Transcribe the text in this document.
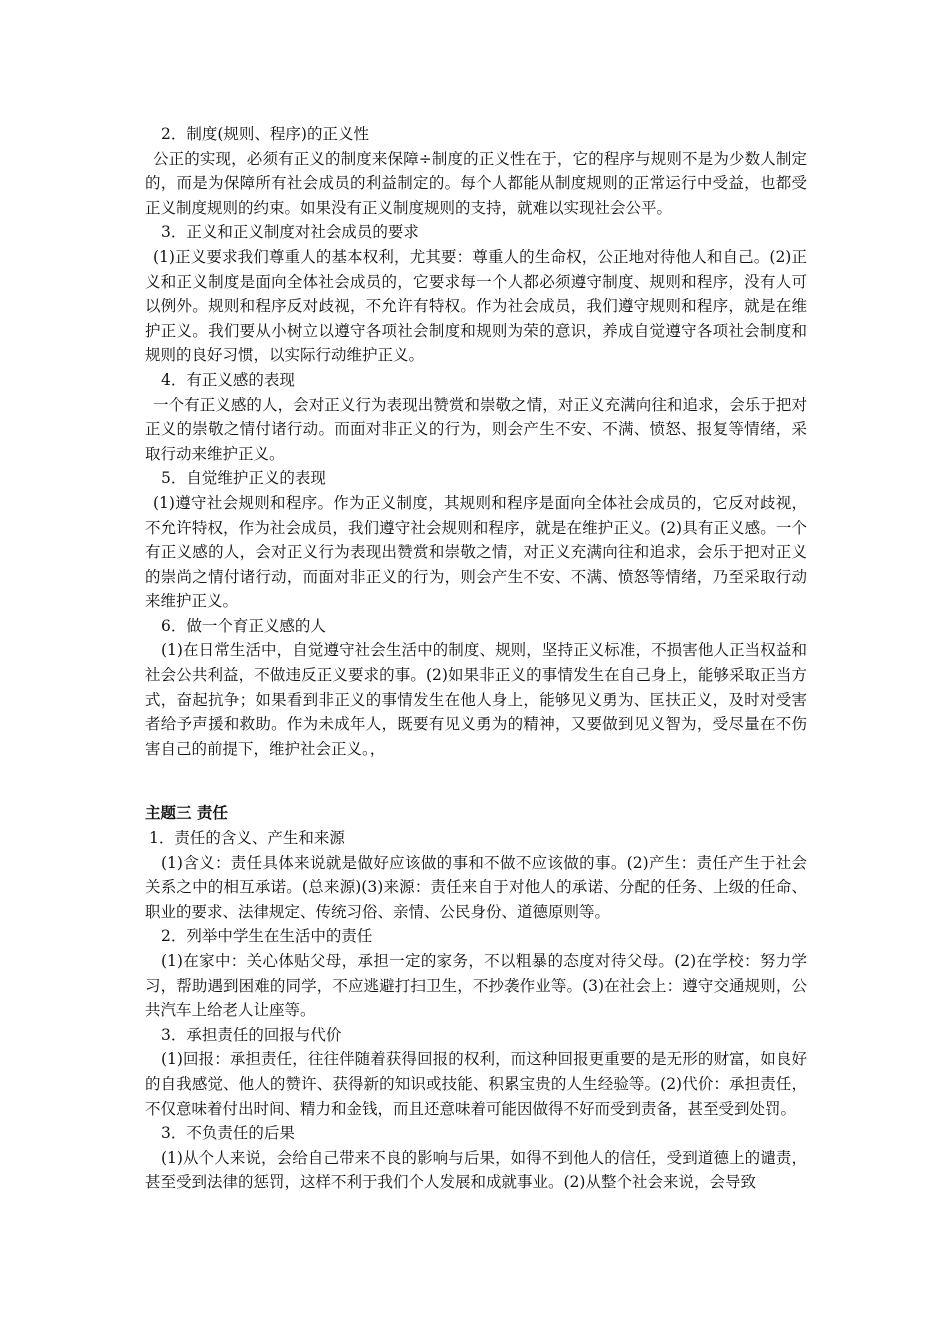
2．制度(规则、程序)的正义性

公正的实现，必须有正义的制度来保障÷制度的正义性在于，它的程序与规则不是为少数人制定的，而是为保障所有社会成员的利益制定的。每个人都能从制度规则的正常运行中受益，也都受正义制度规则的约束。如果没有正义制度规则的支持，就难以实现社会公平。

3．正义和正义制度对社会成员的要求

(1)正义要求我们尊重人的基本权利，尤其要：尊重人的生命权，公正地对待他人和自己。(2)正义和正义制度是面向全体社会成员的，它要求每一个人都必须遵守制度、规则和程序，没有人可以例外。规则和程序反对歧视，不允许有特权。作为社会成员，我们遵守规则和程序，就是在维护正义。我们要从小树立以遵守各项社会制度和规则为荣的意识，养成自觉遵守各项社会制度和规则的良好习惯，以实际行动维护正义。

4．有正义感的表现

一个有正义感的人，会对正义行为表现出赞赏和崇敬之情，对正义充满向往和追求，会乐于把对正义的崇敬之情付诸行动。而面对非正义的行为，则会产生不安、不满、愤怒、报复等情绪，采取行动来维护正义。

5．自觉维护正义的表现

(1)遵守社会规则和程序。作为正义制度，其规则和程序是面向全体社会成员的，它反对歧视，不允许特权，作为社会成员，我们遵守社会规则和程序，就是在维护正义。(2)具有正义感。一个有正义感的人，会对正义行为表现出赞赏和崇敬之情，对正义充满向往和追求，会乐于把对正义的崇尚之情付诸行动，而面对非正义的行为，则会产生不安、不满、愤怒等情绪，乃至采取行动来维护正义。

6．做一个育正义感的人

(1)在日常生活中，自觉遵守社会生活中的制度、规则，坚持正义标准，不损害他人正当权益和社会公共利益，不做违反正义要求的事。(2)如果非正义的事情发生在自己身上，能够采取正当方式，奋起抗争；如果看到非正义的事情发生在他人身上，能够见义勇为、匡扶正义，及时对受害者给予声援和救助。作为未成年人，既要有见义勇为的精神，又要做到见义智为，受尽量在不伤害自己的前提下，维护社会正义。，

主题三 责任

1．责任的含义、产生和来源

(1)含义：责任具体来说就是做好应该做的事和不做不应该做的事。(2)产生：责任产生于社会关系之中的相互承诺。(总来源)(3)来源：责任来自于对他人的承诺、分配的任务、上级的任命、职业的要求、法律规定、传统习俗、亲情、公民身份、道德原则等。

2．列举中学生在生活中的责任

(1)在家中：关心体贴父母，承担一定的家务，不以粗暴的态度对待父母。(2)在学校：努力学习，帮助遇到困难的同学，不应逃避打扫卫生，不抄袭作业等。(3)在社会上：遵守交通规则，公共汽车上给老人让座等。

3．承担责任的回报与代价

(1)回报：承担责任，往往伴随着获得回报的权利，而这种回报更重要的是无形的财富，如良好的自我感觉、他人的赞许、获得新的知识或技能、积累宝贵的人生经验等。(2)代价：承担责任，不仅意味着付出时间、精力和金钱，而且还意味着可能因做得不好而受到责备，甚至受到处罚。

3．不负责任的后果

(1)从个人来说，会给自己带来不良的影响与后果，如得不到他人的信任，受到道德上的谴责，甚至受到法律的惩罚，这样不利于我们个人发展和成就事业。(2)从整个社会来说，会导致
